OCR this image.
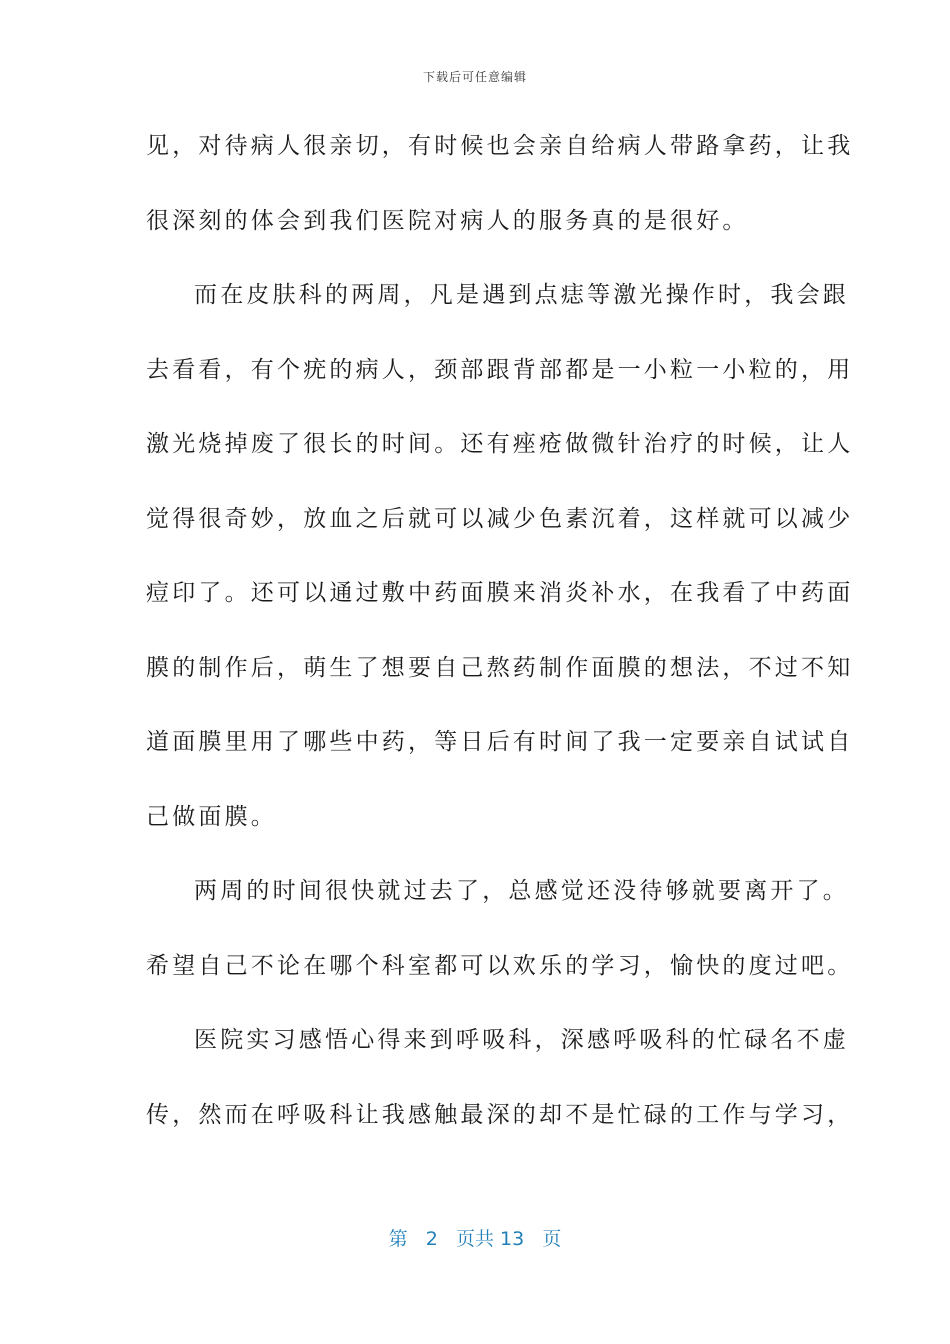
下载后可任意编辑
见，对待病人很亲切，有时候也会亲自给病人带路拿药，让我
很深刻的体会到我们医院对病人的服务真的是很好。
而在皮肤科的两周，凡是遇到点痣等激光操作时，我会跟
去看看，有个疣的病人，颈部跟背部都是一小粒一小粒的，用
激光烧掉废了很长的时间。还有痤疮做微针治疗的时候，让人
觉得很奇妙，放血之后就可以减少色素沉着，这样就可以减少
痘印了。还可以通过敷中药面膜来消炎补水，在我看了中药面
膜的制作后，萌生了想要自己熬药制作面膜的想法，不过不知
道面膜里用了哪些中药，等日后有时间了我一定要亲自试试自
己做面膜。
两周的时间很快就过去了，总感觉还没待够就要离开了。
希望自己不论在哪个科室都可以欢乐的学习，愉快的度过吧。
医院实习感悟心得来到呼吸科，深感呼吸科的忙碌名不虚
传，然而在呼吸科让我感触最深的却不是忙碌的工作与学习，
第 2 页共 13 页
